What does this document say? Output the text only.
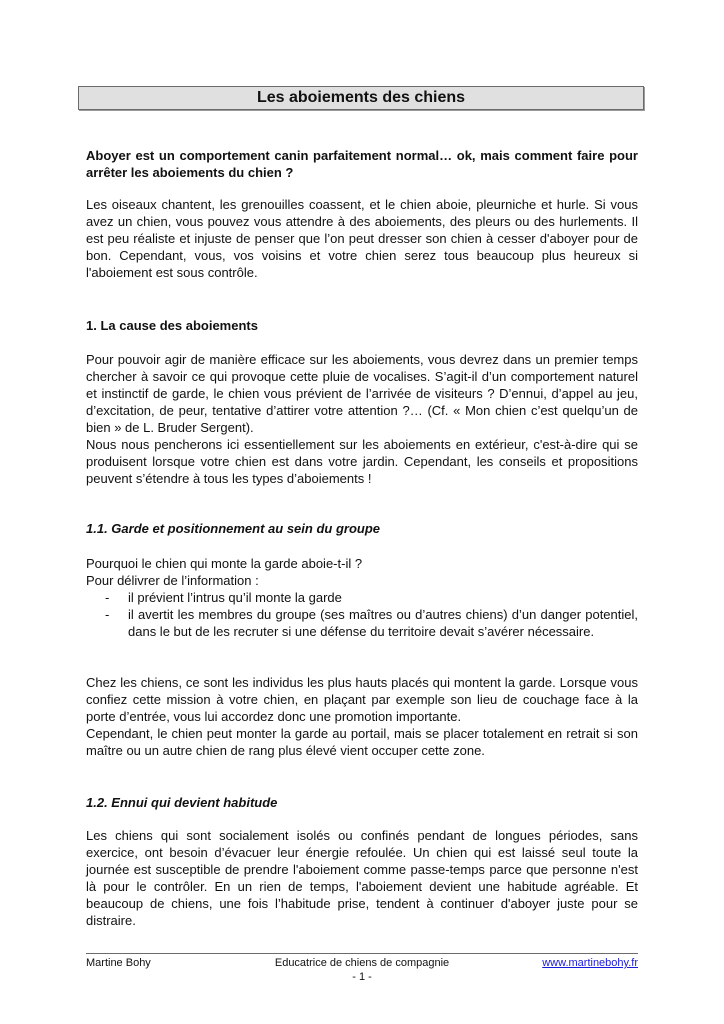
Les aboiements des chiens

Aboyer est un comportement canin parfaitement normal… ok, mais comment faire pour arrêter les aboiements du chien ?

Les oiseaux chantent, les grenouilles coassent, et le chien aboie, pleurniche et hurle. Si vous avez un chien, vous pouvez vous attendre à des aboiements, des pleurs ou des hurlements. Il est peu réaliste et injuste de penser que l’on peut dresser son chien à cesser d'aboyer pour de bon. Cependant, vous, vos voisins et votre chien serez tous beaucoup plus heureux si l'aboiement est sous contrôle.

1. La cause des aboiements

Pour pouvoir agir de manière efficace sur les aboiements, vous devrez dans un premier temps chercher à savoir ce qui provoque cette pluie de vocalises. S’agit-il d’un comportement naturel et instinctif de garde, le chien vous prévient de l’arrivée de visiteurs ? D’ennui, d’appel au jeu, d’excitation, de peur, tentative d’attirer votre attention ?… (Cf. « Mon chien c’est quelqu’un de bien » de L. Bruder Sergent).

Nous nous pencherons ici essentiellement sur les aboiements en extérieur, c'est-à-dire qui se produisent lorsque votre chien est dans votre jardin. Cependant, les conseils et propositions peuvent s’étendre à tous les types d’aboiements !

1.1. Garde et positionnement au sein du groupe

Pourquoi le chien qui monte la garde aboie-t-il ?

Pour délivrer de l’information :

- il prévient l’intrus qu’il monte la garde
- il avertit les membres du groupe (ses maîtres ou d’autres chiens) d’un danger potentiel, dans le but de les recruter si une défense du territoire devait s’avérer nécessaire.

Chez les chiens, ce sont les individus les plus hauts placés qui montent la garde. Lorsque vous confiez cette mission à votre chien, en plaçant par exemple son lieu de couchage face à la porte d’entrée, vous lui accordez donc une promotion importante.

Cependant, le chien peut monter la garde au portail, mais se placer totalement en retrait si son maître ou un autre chien de rang plus élevé vient occuper cette zone.

1.2. Ennui qui devient habitude

Les chiens qui sont socialement isolés ou confinés pendant de longues périodes, sans exercice, ont besoin d’évacuer leur énergie refoulée. Un chien qui est laissé seul toute la journée est susceptible de prendre l'aboiement comme passe-temps parce que personne n'est là pour le contrôler. En un rien de temps, l'aboiement devient une habitude agréable. Et beaucoup de chiens, une fois l’habitude prise, tendent à continuer d'aboyer juste pour se distraire.

Educatrice de chiens de compagnie
Martine Bohy	www.martinebohy.fr
- 1 -
